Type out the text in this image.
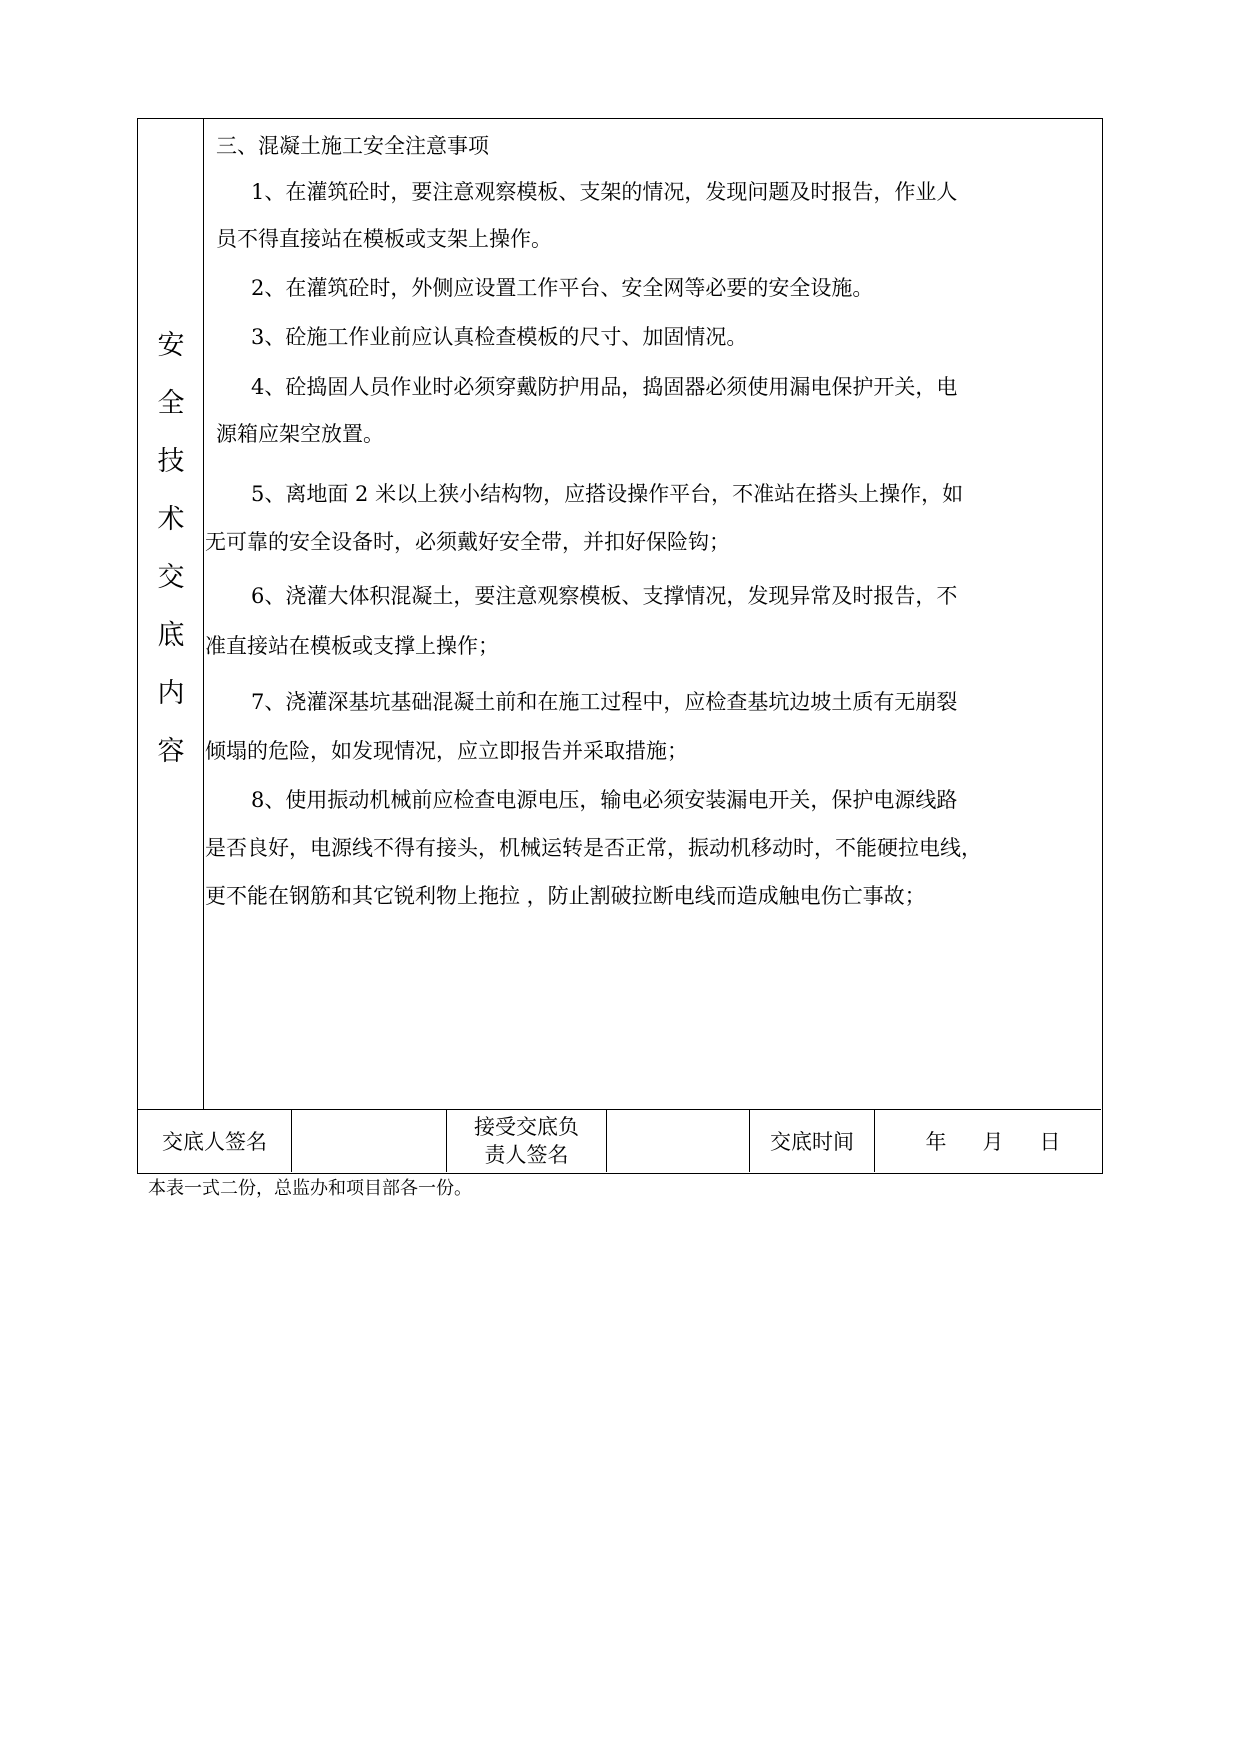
安
全
技
术
交
底
内
容
三、混凝土施工安全注意事项
1、在灌筑砼时，要注意观察模板、支架的情况，发现问题及时报告，作业人
员不得直接站在模板或支架上操作。
2、在灌筑砼时，外侧应设置工作平台、安全网等必要的安全设施。
3、砼施工作业前应认真检查模板的尺寸、加固情况。
4、砼捣固人员作业时必须穿戴防护用品，捣固器必须使用漏电保护开关，电
源箱应架空放置。
5、离地面 2 米以上狭小结构物，应搭设操作平台，不准站在搭头上操作，如
无可靠的安全设备时，必须戴好安全带，并扣好保险钩；
6、浇灌大体积混凝土，要注意观察模板、支撑情况，发现异常及时报告，不
准直接站在模板或支撑上操作；
7、浇灌深基坑基础混凝土前和在施工过程中，应检查基坑边坡土质有无崩裂
倾塌的危险，如发现情况，应立即报告并采取措施；
8、使用振动机械前应检查电源电压，输电必须安装漏电开关，保护电源线路
是否良好，电源线不得有接头，机械运转是否正常，振动机移动时，不能硬拉电线，
更不能在钢筋和其它锐利物上拖拉 ，防止割破拉断电线而造成触电伤亡事故；
交底人签名
接受交底负
责人签名
交底时间	年 月 日
本表一式二份，总监办和项目部各一份。
